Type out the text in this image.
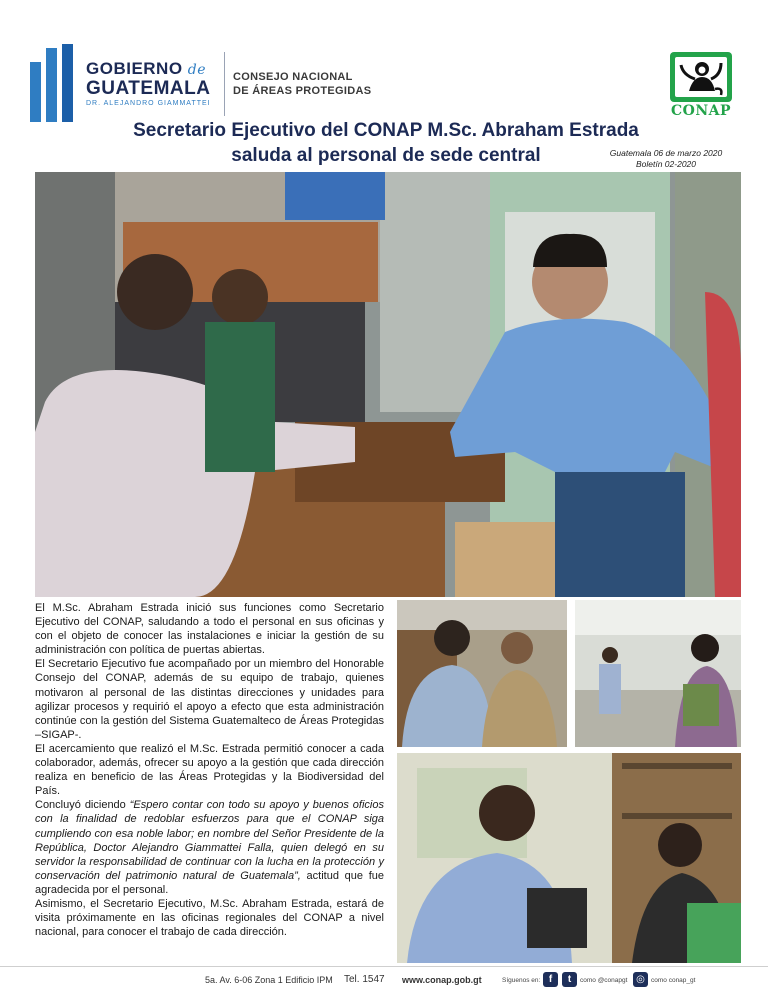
GOBIERNO de
GUATEMALA
DR. ALEJANDRO GIAMMATTEI
CONSEJO NACIONAL
DE ÁREAS PROTEGIDAS
CONAP
Secretario Ejecutivo del CONAP M.Sc. Abraham Estrada
saluda al personal de sede central	Guatemala 06 de marzo 2020
Boletín 02-2020

El M.Sc. Abraham Estrada inició sus funciones como Secretario Ejecutivo del CONAP, saludando a todo el personal en sus oficinas y con el objeto de conocer las instalaciones e iniciar la gestión de su administración con política de puertas abiertas.

El Secretario Ejecutivo fue acompañado por un miembro del Honorable Consejo del CONAP, además de su equipo de trabajo, quienes motivaron al personal de las distintas direcciones y unidades para agilizar procesos y requirió el apoyo a efecto que esta administración continúe con la gestión del Sistema Guatemalteco de Áreas Protegidas –SIGAP-.

El acercamiento que realizó el M.Sc. Estrada permitió conocer a cada colaborador, además, ofrecer su apoyo a la gestión que cada dirección realiza en beneficio de las Áreas Protegidas y la Biodiversidad del País.

Concluyó diciendo “Espero contar con todo su apoyo y buenos oficios con la finalidad de redoblar esfuerzos para que el CONAP siga cumpliendo con esa noble labor; en nombre del Señor Presidente de la República, Doctor Alejandro Giammattei Falla, quien delegó en su servidor la responsabilidad de continuar con la lucha en la protección y conservación del patrimonio natural de Guatemala”, actitud que fue agradecida por el personal.

Asimismo, el Secretario Ejecutivo, M.Sc. Abraham Estrada, estará de visita próximamente en las oficinas regionales del CONAP a nivel nacional, para conocer el trabajo de cada dirección.

5a. Av. 6-06 Zona 1 Edificio IPM Tel. 1547 www.conap.gob.gt	Síguenos en: f	t	como @conapgt ◎ como conap_gt
